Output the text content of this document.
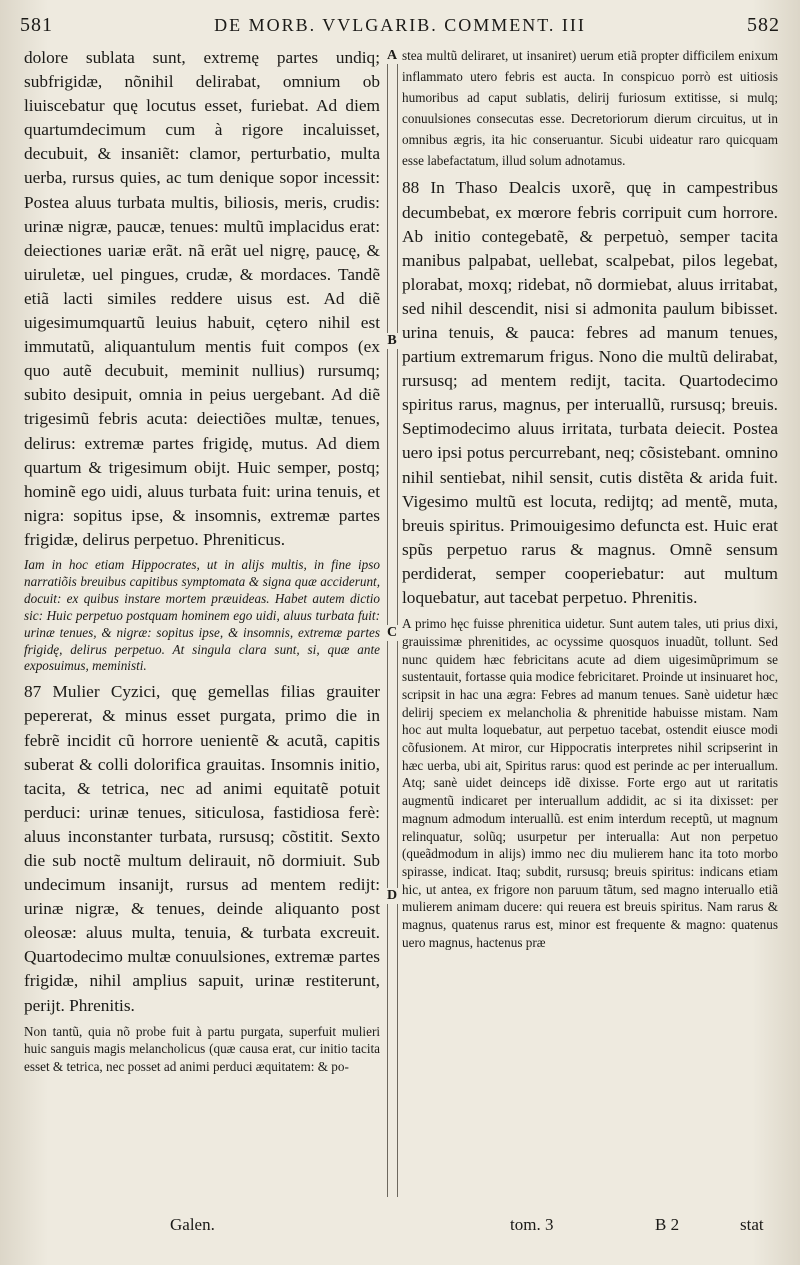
581	DE MORB. VVLGARIB. COMMENT. III	582
A
B
C
D

dolore sublata sunt, extremę partes undiq; subfrigidæ, nõnihil delirabat, omnium ob liuiscebatur quę locutus esset, furiebat. Ad diem quartumdecimum cum à rigore incaluisset, decubuit, & insaniẽt: clamor, perturbatio, multa uerba, rursus quies, ac tum denique sopor incessit: Postea aluus turbata multis, biliosis, meris, crudis: urinæ nigræ, paucæ, tenues: multũ implacidus erat: deiectiones uariæ erãt. nã erãt uel nigrę, paucę, & uiruletæ, uel pingues, crudæ, & mordaces. Tandẽ etiã lacti similes reddere uisus est. Ad diẽ uigesimumquartũ leuius habuit, cętero nihil est immutatũ, aliquantulum mentis fuit compos (ex quo autẽ decubuit, meminit nullius) rursumq; subito desipuit, omnia in peius uergebant. Ad diẽ trigesimũ febris acuta: deiectiões multæ, tenues, delirus: extremæ partes frigidę, mutus. Ad diem quartum & trigesimum obijt. Huic semper, postq; hominẽ ego uidi, aluus turbata fuit: urina tenuis, et nigra: sopitus ipse, & insomnis, extremæ partes frigidæ, delirus perpetuo. Phreniticus.

Iam in hoc etiam Hippocrates, ut in alijs multis, in fine ipso narratiõis breuibus capitibus symptomata & signa quæ acciderunt, docuit: ex quibus instare mortem præuideas. Habet autem dictio sic: Huic perpetuo postquam hominem ego uidi, aluus turbata fuit: urinæ tenues, & nigræ: sopitus ipse, & insomnis, extremæ partes frigidę, delirus perpetuo. At singula clara sunt, si, quæ ante exposuimus, meministi.

87 Mulier Cyzici, quę gemellas filias grauiter pepererat, & minus esset purgata, primo die in febrẽ incidit cũ horrore uenientẽ & acutã, capitis suberat & colli dolorifica grauitas. Insomnis initio, tacita, & tetrica, nec ad animi equitatẽ potuit perduci: urinæ tenues, siticulosa, fastidiosa ferè: aluus inconstanter turbata, rursusq; cõstitit. Sexto die sub noctẽ multum delirauit, nõ dormiuit. Sub undecimum insanijt, rursus ad mentem redijt: urinæ nigræ, & tenues, deinde aliquanto post oleosæ: aluus multa, tenuia, & turbata excreuit. Quartodecimo multæ conuulsiones, extremæ partes frigidæ, nihil amplius sapuit, urinæ restiterunt, perijt. Phrenitis.

Non tantũ, quia nõ probe fuit à partu purgata, superfuit mulieri huic sanguis magis melancholicus (quæ causa erat, cur initio tacita esset & tetrica, nec posset ad animi perduci æquitatem: & po-

stea multũ deliraret, ut insaniret) uerum etiã propter difficilem enixum inflammato utero febris est aucta. In conspicuo porrò est uitiosis humoribus ad caput sublatis, delirij furiosum extitisse, si mulq; conuulsiones consecutas esse. Decretoriorum dierum circuitus, ut in omnibus ægris, ita hic conseruantur. Sicubi uideatur raro quicquam esse labefactatum, illud solum adnotamus.

88 In Thaso Dealcis uxorẽ, quę in campestribus decumbebat, ex mœrore febris corripuit cum horrore. Ab initio contegebatẽ, & perpetuò, semper tacita manibus palpabat, uellebat, scalpebat, pilos legebat, plorabat, moxq; ridebat, nõ dormiebat, aluus irritabat, sed nihil descendit, nisi si admonita paulum bibisset. urina tenuis, & pauca: febres ad manum tenues, partium extremarum frigus. Nono die multũ delirabat, rursusq; ad mentem redijt, tacita. Quartodecimo spiritus rarus, magnus, per interuallũ, rursusq; breuis. Septimodecimo aluus irritata, turbata deiecit. Postea uero ipsi potus percurrebant, neq; cõsistebant. omnino nihil sentiebat, nihil sensit, cutis distẽta & arida fuit. Vigesimo multũ est locuta, redijtq; ad mentẽ, muta, breuis spiritus. Primouigesimo defuncta est. Huic erat spũs perpetuo rarus & magnus. Omnẽ sensum perdiderat, semper cooperiebatur: aut multum loquebatur, aut tacebat perpetuo. Phrenitis.

A primo hęc fuisse phrenitica uidetur. Sunt autem tales, uti prius dixi, grauissimæ phrenitides, ac ocyssime quosquos inuadũt, tollunt. Sed nunc quidem hæc febricitans acute ad diem uigesimũprimum se sustentauit, fortasse quia modice febricitaret. Proinde ut insinuaret hoc, scripsit in hac una ægra: Febres ad manum tenues. Sanè uidetur hæc delirij speciem ex melancholia & phrenitide habuisse mistam. Nam hoc aut multa loquebatur, aut perpetuo tacebat, ostendit eiusce modi cõfusionem. At miror, cur Hippocratis interpretes nihil scripserint in hæc uerba, ubi ait, Spiritus rarus: quod est perinde ac per interuallum. Atq; sanè uidet deinceps idẽ dixisse. Forte ergo aut ut raritatis augmentũ indicaret per interuallum addidit, ac si ita dixisset: per magnum admodum interuallũ. est enim interdum receptũ, ut magnum relinquatur, solũq; usurpetur per interualla: Aut non perpetuo (queãdmodum in alijs) immo nec diu mulierem hanc ita toto morbo spirasse, indicat. Itaq; subdit, rursusq; breuis spiritus: indicans etiam hic, ut antea, ex frigore non paruum tãtum, sed magno interuallo etiã mulierem animam ducere: qui reuera est breuis spiritus. Nam rarus & magnus, quatenus rarus est, minor est frequente & magno: quatenus uero magnus, hactenus præ

Galen.	tom. 3	B 2	stat
